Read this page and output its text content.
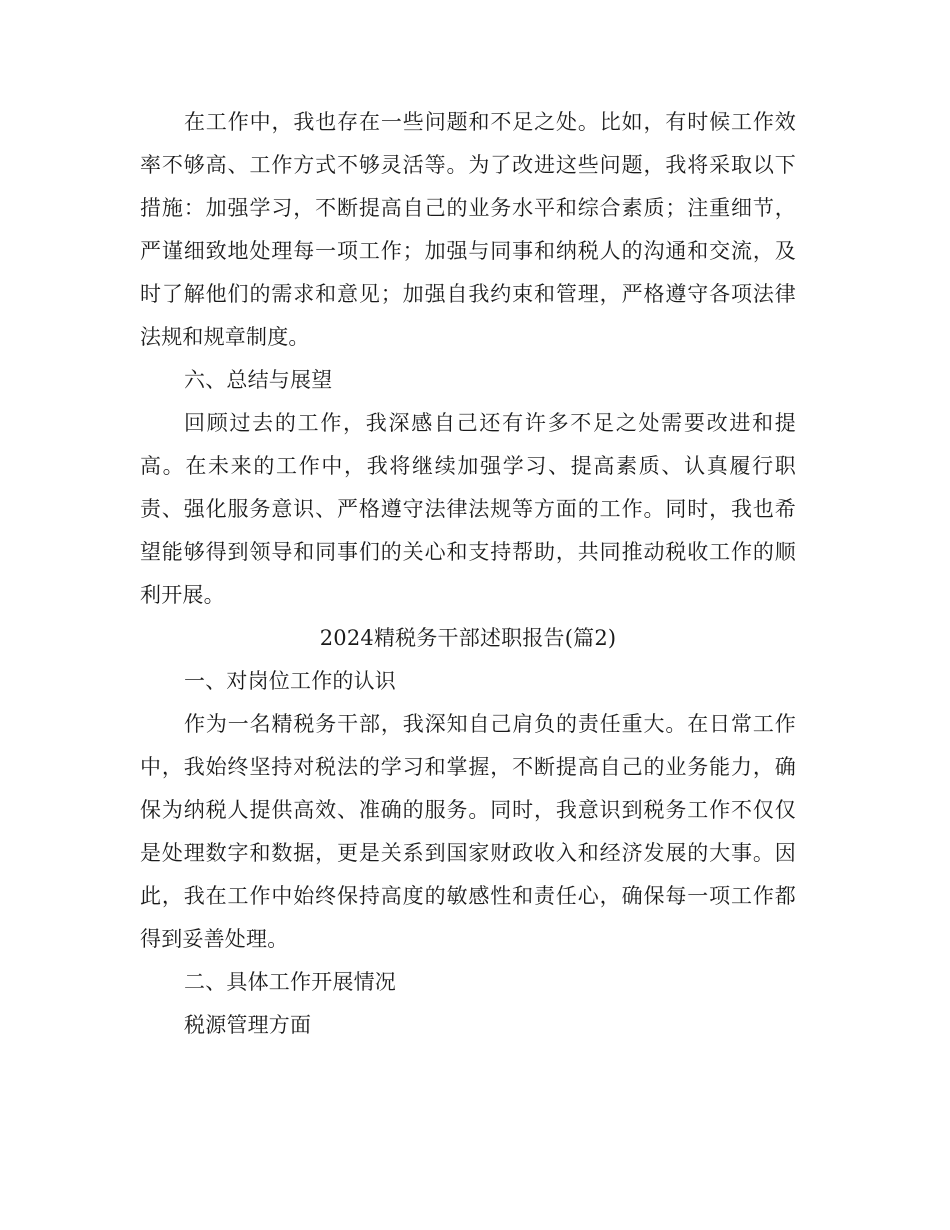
在工作中，我也存在一些问题和不足之处。比如，有时候工作效率不够高、工作方式不够灵活等。为了改进这些问题，我将采取以下措施：加强学习，不断提高自己的业务水平和综合素质；注重细节，严谨细致地处理每一项工作；加强与同事和纳税人的沟通和交流，及时了解他们的需求和意见；加强自我约束和管理，严格遵守各项法律法规和规章制度。

六、总结与展望

回顾过去的工作，我深感自己还有许多不足之处需要改进和提高。在未来的工作中，我将继续加强学习、提高素质、认真履行职责、强化服务意识、严格遵守法律法规等方面的工作。同时，我也希望能够得到领导和同事们的关心和支持帮助，共同推动税收工作的顺利开展。

2024精税务干部述职报告(篇2)

一、对岗位工作的认识

作为一名精税务干部，我深知自己肩负的责任重大。在日常工作中，我始终坚持对税法的学习和掌握，不断提高自己的业务能力，确保为纳税人提供高效、准确的服务。同时，我意识到税务工作不仅仅是处理数字和数据，更是关系到国家财政收入和经济发展的大事。因此，我在工作中始终保持高度的敏感性和责任心，确保每一项工作都得到妥善处理。

二、具体工作开展情况

税源管理方面
